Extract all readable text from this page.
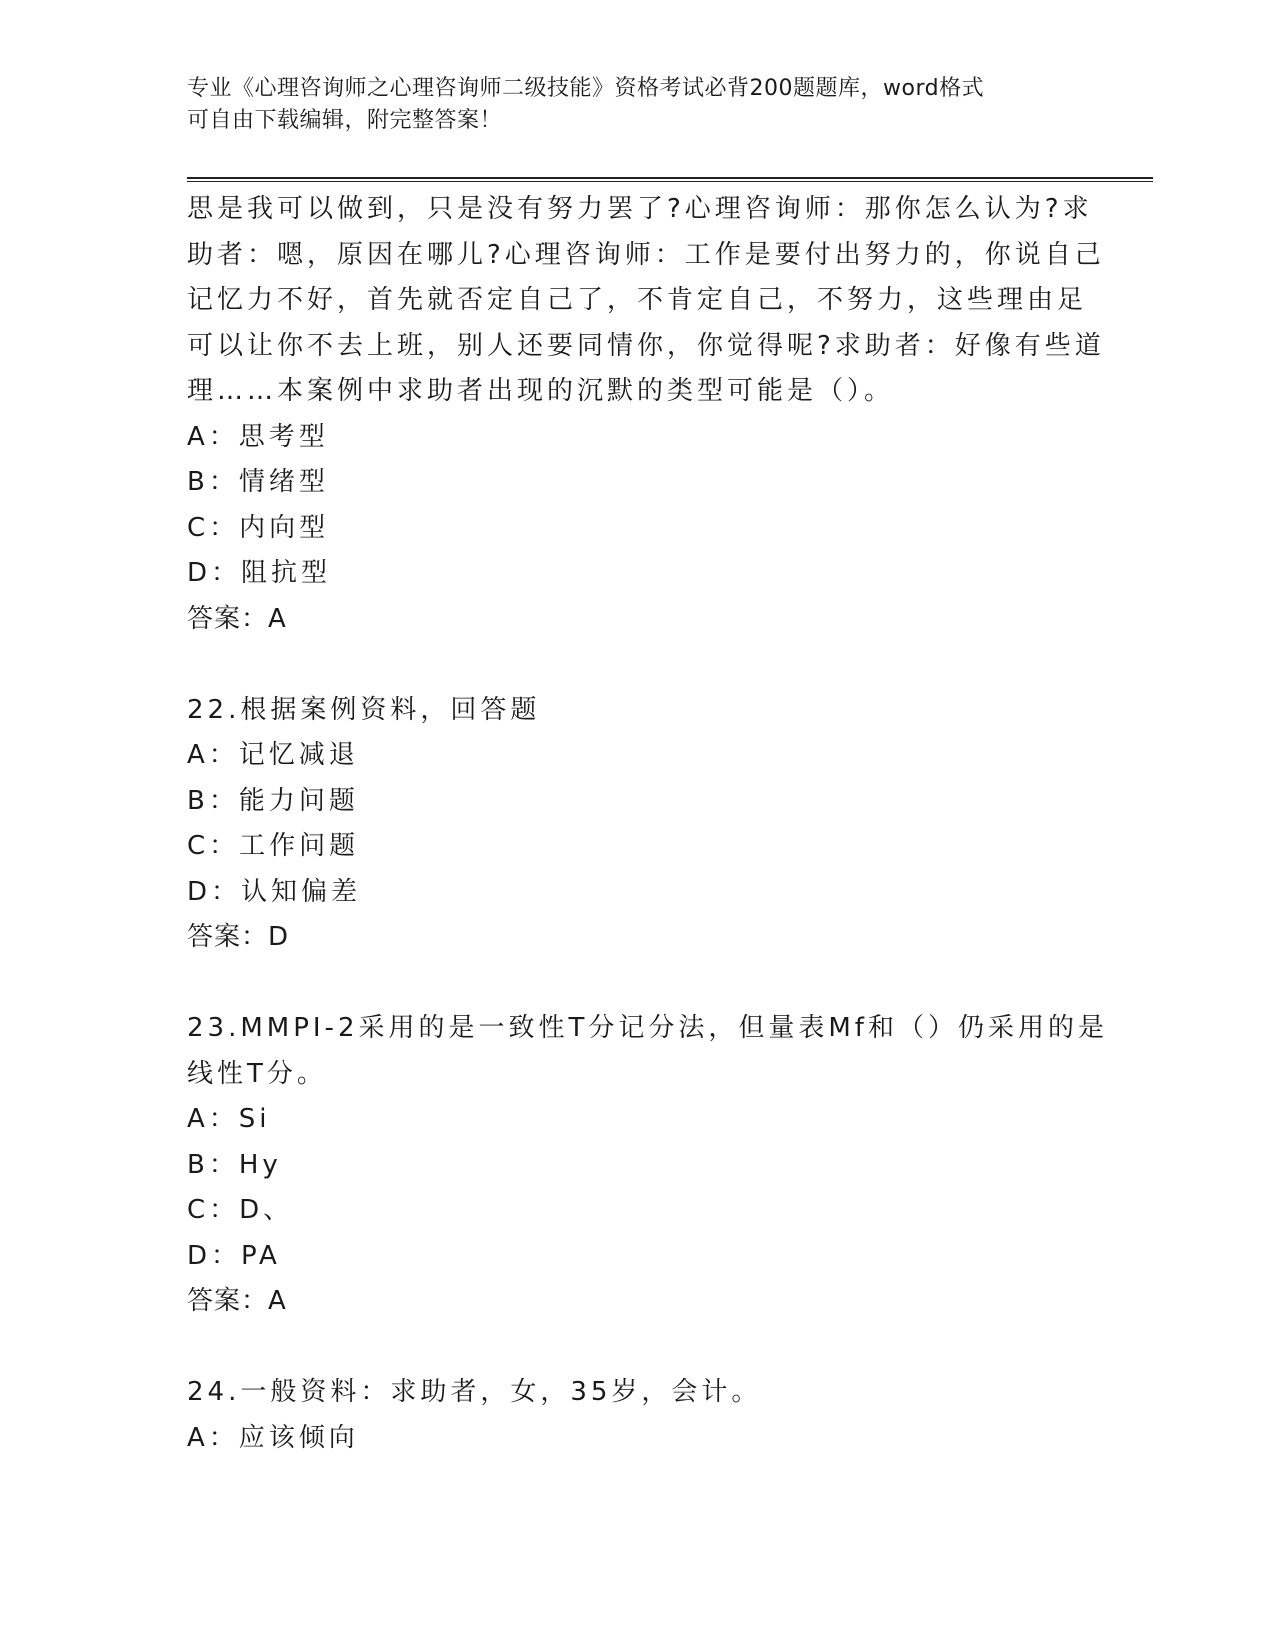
专业《心理咨询师之心理咨询师二级技能》资格考试必背200题题库，word格式
可自由下载编辑，附完整答案！
思是我可以做到，只是没有努力罢了?心理咨询师：那你怎么认为?求
助者：嗯，原因在哪儿?心理咨询师：工作是要付出努力的，你说自己
记忆力不好，首先就否定自己了，不肯定自己，不努力，这些理由足
可以让你不去上班，别人还要同情你，你觉得呢?求助者：好像有些道
理……本案例中求助者出现的沉默的类型可能是（）。
A：思考型
B：情绪型
C：内向型
D：阻抗型
答案：A
22.根据案例资料，回答题
A：记忆减退
B：能力问题
C：工作问题
D：认知偏差
答案：D
23.MMPI-2采用的是一致性T分记分法，但量表Mf和（）仍采用的是
线性T分。
A：Si
B：Hy
C：D、
D：PA
答案：A
24.一般资料：求助者，女，35岁，会计。
A：应该倾向
